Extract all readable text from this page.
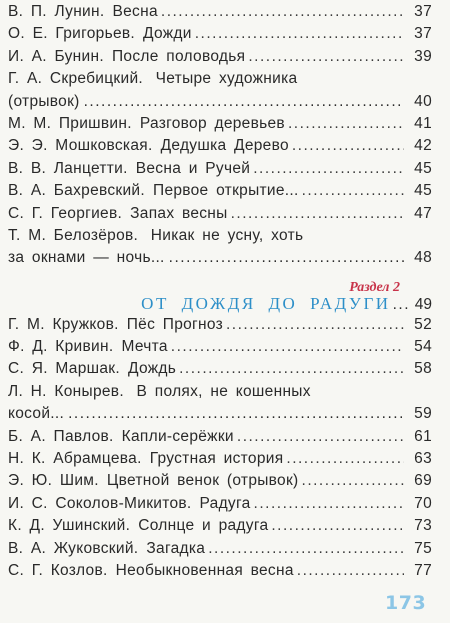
В. П. Лунин. Весна .....	37
О. Е. Григорьев. Дожди .....	37
И. А. Бунин. После половодья .....	39
Г. А. Скребицкий. Четыре художника
(отрывок) .....	40
М. М. Пришвин. Разговор деревьев .....	41
Э. Э. Мошковская. Дедушка Дерево .....	42
В. В. Ланцетти. Весна и Ручей .....	45
В. А. Бахревский. Первое открытие... .....	45
С. Г. Георгиев. Запах весны .....	47
Т. М. Белозёров. Никак не усну, хоть
за окнами — ночь... .....	48
Раздел 2
ОТ ДОЖДЯ ДО РАДУГИ ... 49
Г. М. Кружков. Пёс Прогноз .....	52
Ф. Д. Кривин. Мечта .....	54
С. Я. Маршак. Дождь .....	58
Л. Н. Конырев. В полях, не кошенных
косой... .....	59
Б. А. Павлов. Капли-серёжки .....	61
Н. К. Абрамцева. Грустная история .....	63
Э. Ю. Шим. Цветной венок (отрывок) .....	69
И. С. Соколов-Микитов. Радуга .....	70
К. Д. Ушинский. Солнце и радуга .....	73
В. А. Жуковский. Загадка .....	75
С. Г. Козлов. Необыкновенная весна .....	77
173
